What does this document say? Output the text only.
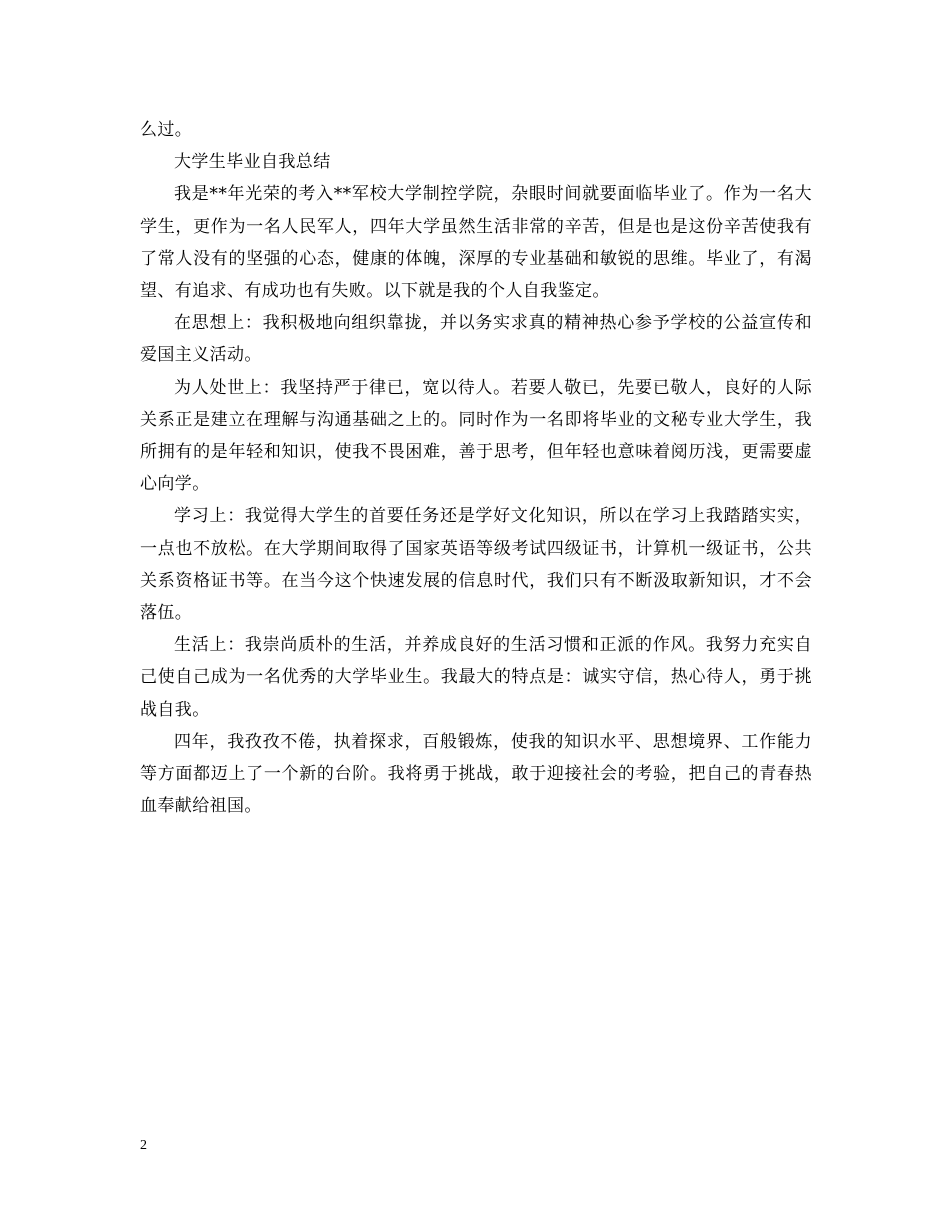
么过。

大学生毕业自我总结

我是**年光荣的考入**军校大学制控学院，杂眼时间就要面临毕业了。作为一名大学生，更作为一名人民军人，四年大学虽然生活非常的辛苦，但是也是这份辛苦使我有了常人没有的坚强的心态，健康的体魄，深厚的专业基础和敏锐的思维。毕业了，有渴望、有追求、有成功也有失败。以下就是我的个人自我鉴定。

在思想上：我积极地向组织靠拢，并以务实求真的精神热心参予学校的公益宣传和爱国主义活动。

为人处世上：我坚持严于律已，宽以待人。若要人敬已，先要已敬人，良好的人际关系正是建立在理解与沟通基础之上的。同时作为一名即将毕业的文秘专业大学生，我所拥有的是年轻和知识，使我不畏困难，善于思考，但年轻也意味着阅历浅，更需要虚心向学。

学习上：我觉得大学生的首要任务还是学好文化知识，所以在学习上我踏踏实实，一点也不放松。在大学期间取得了国家英语等级考试四级证书，计算机一级证书，公共关系资格证书等。在当今这个快速发展的信息时代，我们只有不断汲取新知识，才不会落伍。

生活上：我崇尚质朴的生活，并养成良好的生活习惯和正派的作风。我努力充实自己使自己成为一名优秀的大学毕业生。我最大的特点是：诚实守信，热心待人，勇于挑战自我。

四年，我孜孜不倦，执着探求，百般锻炼，使我的知识水平、思想境界、工作能力等方面都迈上了一个新的台阶。我将勇于挑战，敢于迎接社会的考验，把自己的青春热血奉献给祖国。

2
